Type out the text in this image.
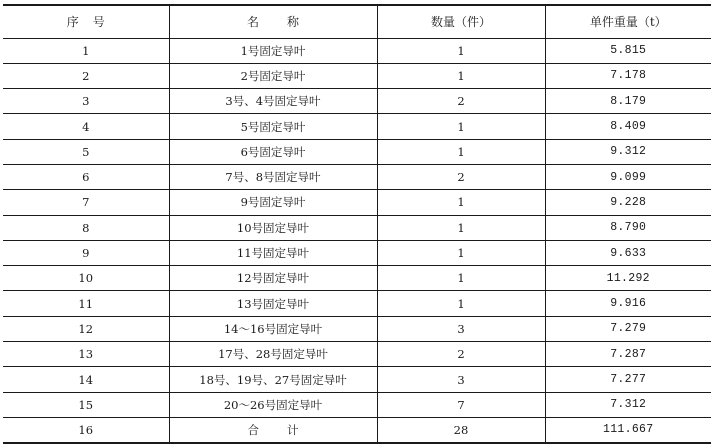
序号	名称	数量（件）	单件重量（t）
1	1号固定导叶	1	5.815
2	2号固定导叶	1	7.178
3	3号、4号固定导叶	2	8.179
4	5号固定导叶	1	8.409
5	6号固定导叶	1	9.312
6	7号、8号固定导叶	2	9.099
7	9号固定导叶	1	9.228
8	10号固定导叶	1	8.790
9	11号固定导叶	1	9.633
10	12号固定导叶	1	11.292
11	13号固定导叶	1	9.916
12	14～16号固定导叶	3	7.279
13	17号、28号固定导叶	2	7.287
14	18号、19号、27号固定导叶	3	7.277
15	20～26号固定导叶	7	7.312
16	合计	28	111.667
